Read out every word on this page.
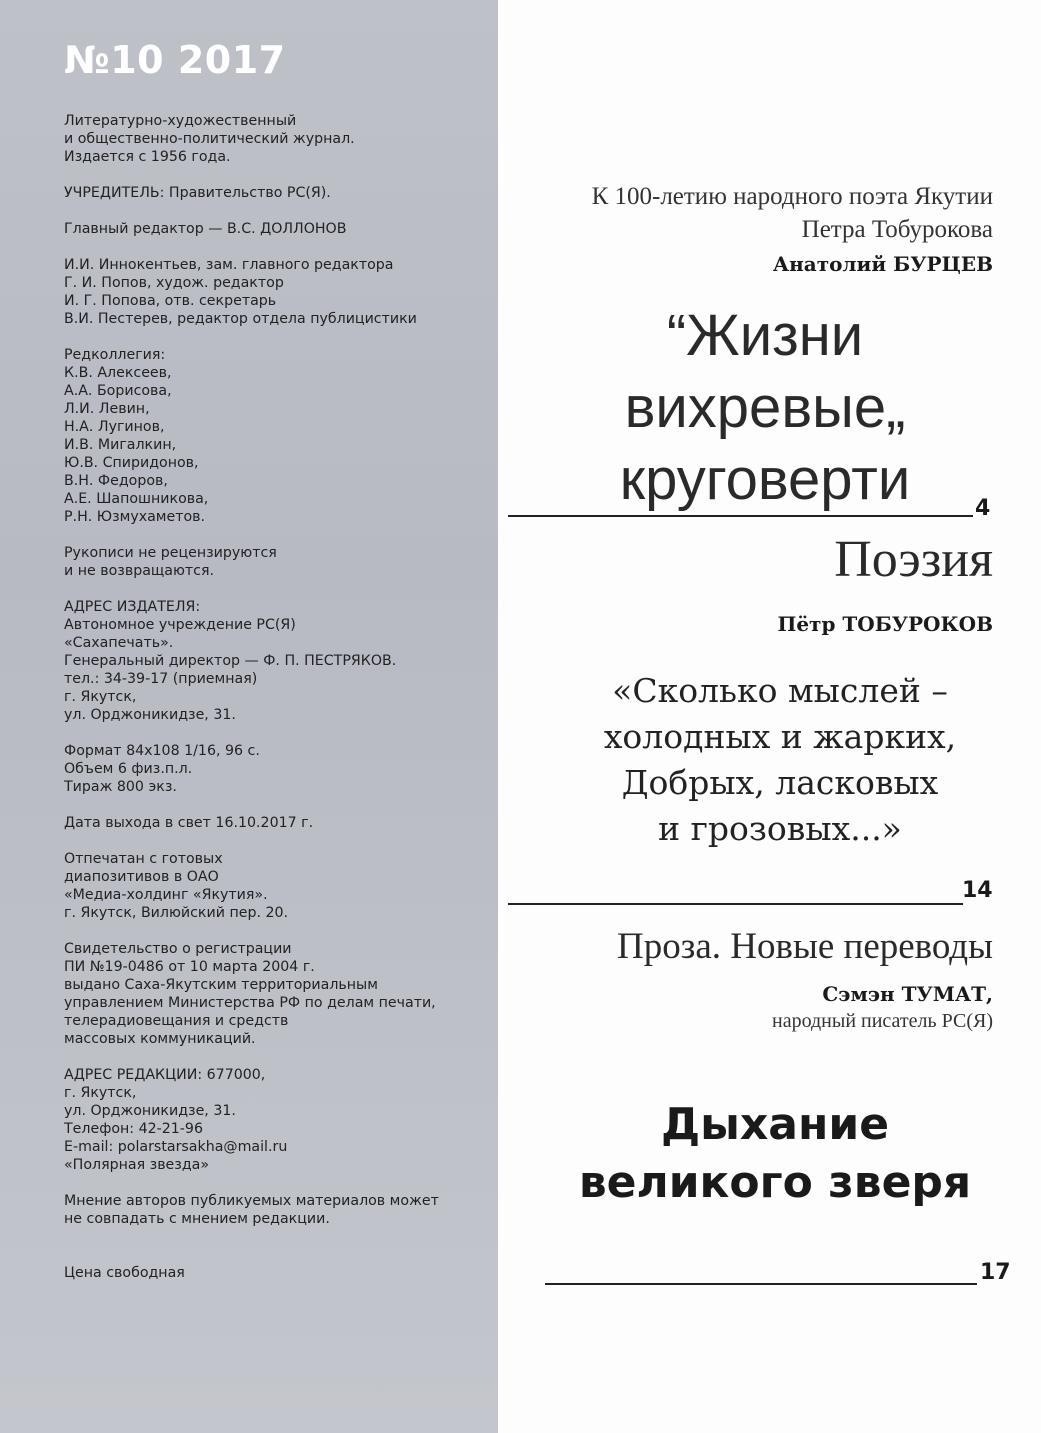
№10 2017

Литературно-художественный

и общественно-политический журнал.

Издается с 1956 года.

УЧРЕДИТЕЛЬ: Правительство РС(Я).

Главный редактор — В.С. ДОЛЛОНОВ

И.И. Иннокентьев, зам. главного редактора

Г. И. Попов, худож. редактор

И. Г. Попова, отв. секретарь

В.И. Пестерев, редактор отдела публицистики

Редколлегия:

К.В. Алексеев,

А.А. Борисова,

Л.И. Левин,

Н.А. Лугинов,

И.В. Мигалкин,

Ю.В. Спиридонов,

В.Н. Федоров,

А.Е. Шапошникова,

Р.Н. Юзмухаметов.

Рукописи не рецензируются

и не возвращаются.

АДРЕС ИЗДАТЕЛЯ:

Автономное учреждение РС(Я)

«Сахапечать».

Генеральный директор — Ф. П. ПЕСТРЯКОВ.

тел.: 34-39-17 (приемная)

г. Якутск,

ул. Орджоникидзе, 31.

Формат 84х108 1/16, 96 с.

Объем 6 физ.п.л.

Тираж 800 экз.

Дата выхода в свет 16.10.2017 г.

Отпечатан с готовых

диапозитивов в ОАО

«Медиа-холдинг «Якутия».

г. Якутск, Вилюйский пер. 20.

Свидетельство о регистрации

ПИ №19-0486 от 10 марта 2004 г.

выдано Саха-Якутским территориальным

управлением Министерства РФ по делам печати,

телерадиовещания и средств

массовых коммуникаций.

АДРЕС РЕДАКЦИИ: 677000,

г. Якутск,

ул. Орджоникидзе, 31.

Телефон: 42-21-96

E-mail: polarstarsakha@mail.ru

«Полярная звезда»

Мнение авторов публикуемых материалов может

не совпадать с мнением редакции.

Цена свободная

К 100-летию народного поэта Якутии
Петра Тобурокова
Анатолий БУРЦЕВ
“Жизни
вихревые„
круговерти	4
Поэзия
Пётр ТОБУРОКОВ
«Сколько мыслей –
холодных и жарких,
Добрых, ласковых
и грозовых...»
14
Проза. Новые переводы
Сэмэн ТУМАТ,
народный писатель РС(Я)
Дыхание
великого зверя
17
